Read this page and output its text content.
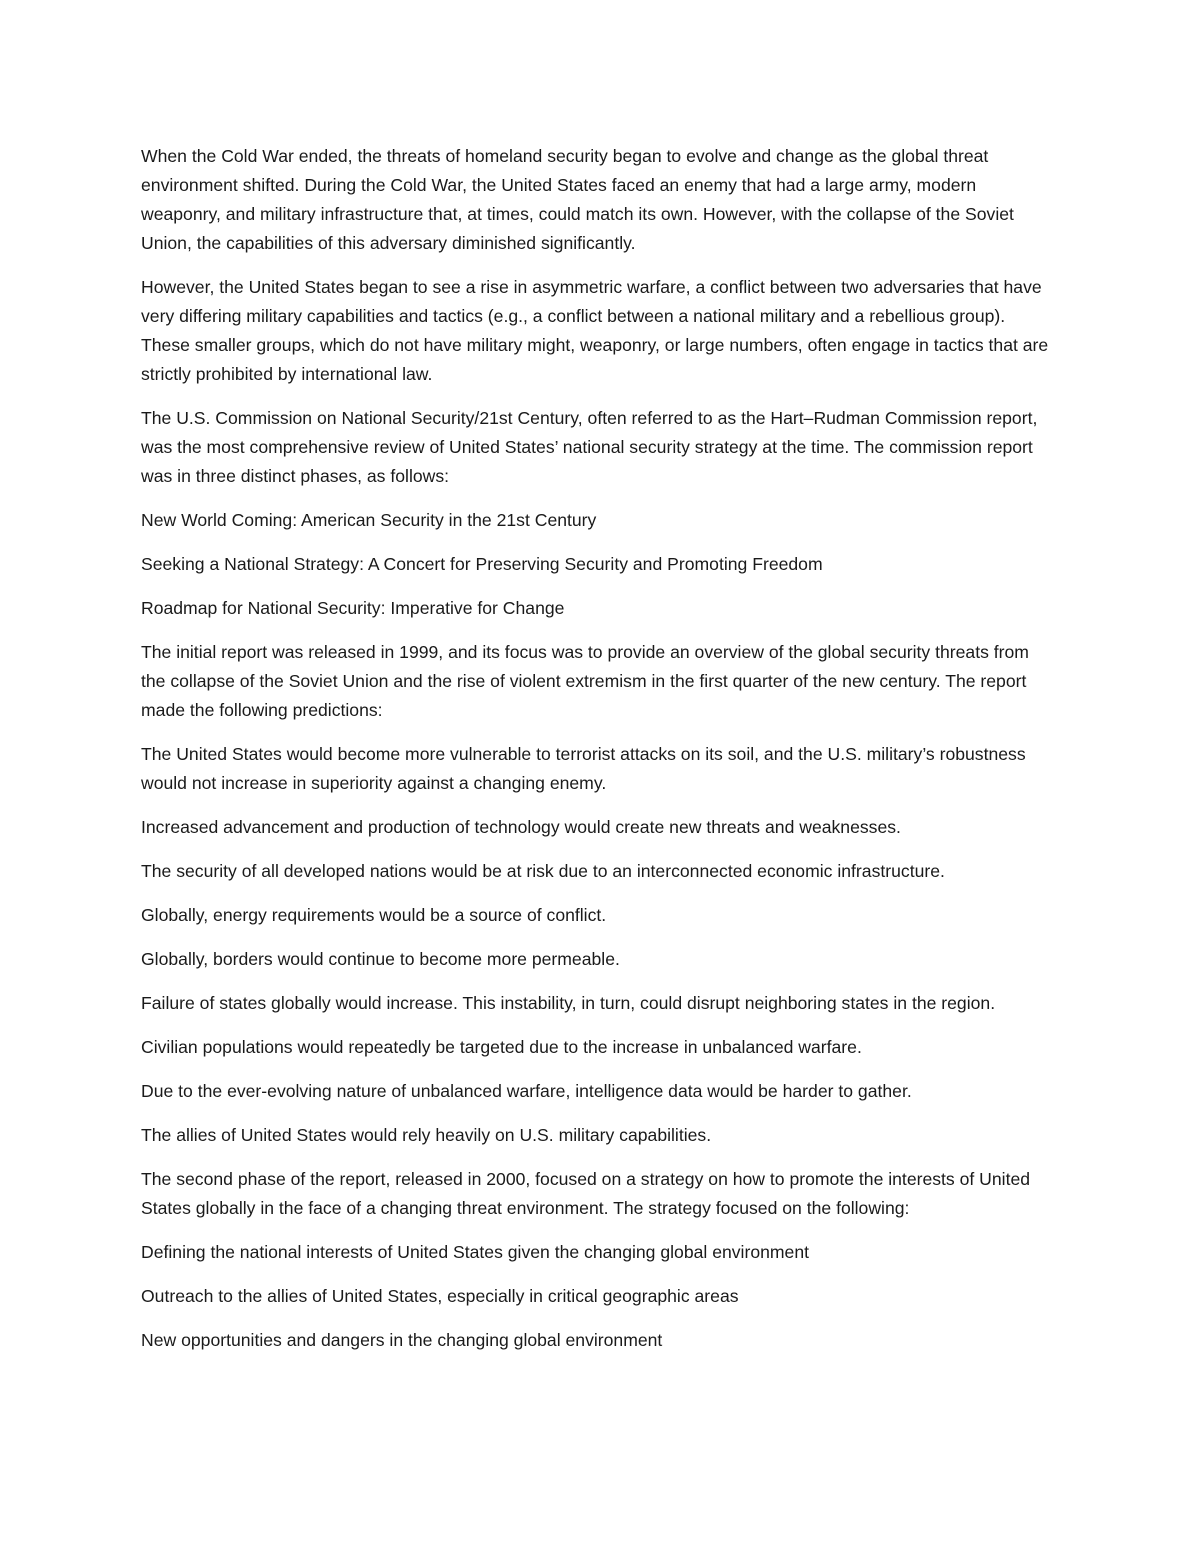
When the Cold War ended, the threats of homeland security began to evolve and change as the global threat environment shifted. During the Cold War, the United States faced an enemy that had a large army, modern weaponry, and military infrastructure that, at times, could match its own. However, with the collapse of the Soviet Union, the capabilities of this adversary diminished significantly.

However, the United States began to see a rise in asymmetric warfare, a conflict between two adversaries that have very differing military capabilities and tactics (e.g., a conflict between a national military and a rebellious group). These smaller groups, which do not have military might, weaponry, or large numbers, often engage in tactics that are strictly prohibited by international law.

The U.S. Commission on National Security/21st Century, often referred to as the Hart–Rudman Commission report, was the most comprehensive review of United States’ national security strategy at the time. The commission report was in three distinct phases, as follows:

New World Coming: American Security in the 21st Century

Seeking a National Strategy: A Concert for Preserving Security and Promoting Freedom

Roadmap for National Security: Imperative for Change

The initial report was released in 1999, and its focus was to provide an overview of the global security threats from the collapse of the Soviet Union and the rise of violent extremism in the first quarter of the new century. The report made the following predictions:

The United States would become more vulnerable to terrorist attacks on its soil, and the U.S. military’s robustness would not increase in superiority against a changing enemy.

Increased advancement and production of technology would create new threats and weaknesses.

The security of all developed nations would be at risk due to an interconnected economic infrastructure.

Globally, energy requirements would be a source of conflict.

Globally, borders would continue to become more permeable.

Failure of states globally would increase. This instability, in turn, could disrupt neighboring states in the region.

Civilian populations would repeatedly be targeted due to the increase in unbalanced warfare.

Due to the ever-evolving nature of unbalanced warfare, intelligence data would be harder to gather.

The allies of United States would rely heavily on U.S. military capabilities.

The second phase of the report, released in 2000, focused on a strategy on how to promote the interests of United States globally in the face of a changing threat environment. The strategy focused on the following:

Defining the national interests of United States given the changing global environment

Outreach to the allies of United States, especially in critical geographic areas

New opportunities and dangers in the changing global environment
